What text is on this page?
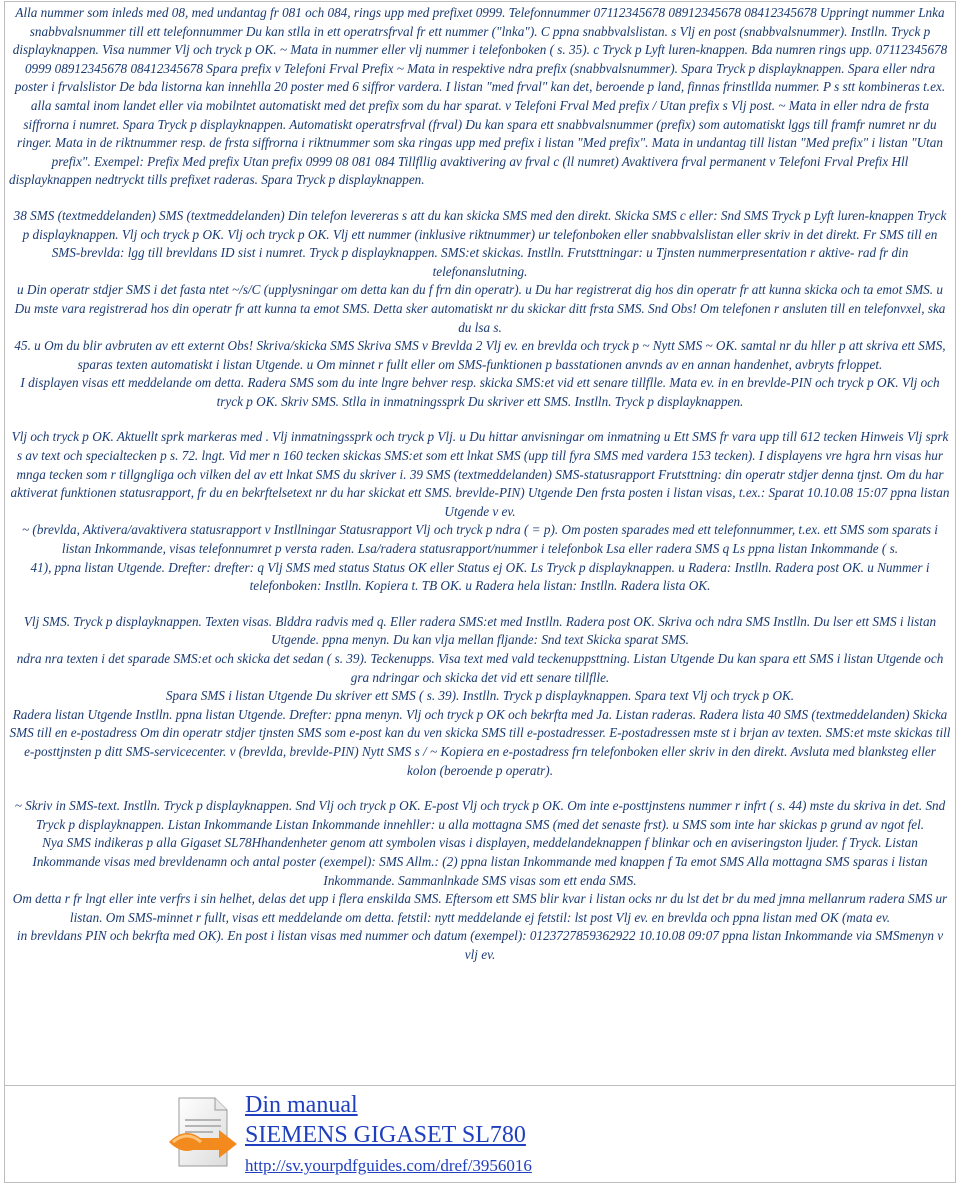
Alla nummer som inleds med 08, med undantag fr 081 och 084, rings upp med prefixet 0999. Telefonnummer 07112345678 08912345678 08412345678 Uppringt nummer Lnka snabbvalsnummer till ett telefonnummer Du kan stlla in ett operatrsfrval fr ett nummer ("lnka"). C ppna snabbvalslistan. s Vlj en post (snabbvalsnummer). Instlln. Tryck p displayknappen. Visa nummer Vlj och tryck p OK. ~ Mata in nummer eller vlj nummer i telefonboken ( s. 35). c Tryck p Lyft luren-knappen. Bda numren rings upp. 07112345678 0999 08912345678 08412345678 Spara prefix v Telefoni Frval Prefix ~ Mata in respektive ndra prefix (snabbvalsnummer). Spara Tryck p displayknappen. Spara eller ndra poster i frvalslistor De bda listorna kan innehlla 20 poster med 6 siffror vardera. I listan "med frval" kan det, beroende p land, finnas frinstllda nummer. P s stt kombineras t.ex. alla samtal inom landet eller via mobilntet automatiskt med det prefix som du har sparat. v Telefoni Frval Med prefix / Utan prefix s Vlj post. ~ Mata in eller ndra de frsta siffrorna i numret. Spara Tryck p displayknappen. Automatiskt operatrsfrval (frval) Du kan spara ett snabbvalsnummer (prefix) som automatiskt lggs till framfr numret nr du ringer. Mata in de riktnummer resp. de frsta siffrorna i riktnummer som ska ringas upp med prefix i listan "Med prefix". Mata in undantag till listan "Med prefix" i listan "Utan prefix". Exempel: Prefix Med prefix Utan prefix 0999 08 081 084 Tillfllig avaktivering av frval c (ll numret) Avaktivera frval permanent v Telefoni Frval Prefix Hll displayknappen nedtryckt tills prefixet raderas. Spara Tryck p displayknappen.

38 SMS (textmeddelanden) SMS (textmeddelanden) Din telefon levereras s att du kan skicka SMS med den direkt. Skicka SMS c eller: Snd SMS Tryck p Lyft luren-knappen Tryck p displayknappen. Vlj och tryck p OK. Vlj och tryck p OK. Vlj ett nummer (inklusive riktnummer) ur telefonboken eller snabbvalslistan eller skriv in det direkt. Fr SMS till en SMS-brevlda: lgg till brevldans ID sist i numret. Tryck p displayknappen. SMS:et skickas. Instlln. Frutsttningar: u Tjnsten nummerpresentation r aktive- rad fr din telefonanslutning.

u Din operatr stdjer SMS i det fasta ntet ~/s/C (upplysningar om detta kan du f frn din operatr). u Du har registrerat dig hos din operatr fr att kunna skicka och ta emot SMS. u Du mste vara registrerad hos din operatr fr att kunna ta emot SMS. Detta sker automatiskt nr du skickar ditt frsta SMS. Snd Obs! Om telefonen r ansluten till en telefonvxel, ska du lsa s.

45. u Om du blir avbruten av ett externt Obs! Skriva/skicka SMS Skriva SMS v Brevlda 2 Vlj ev. en brevlda och tryck p ~ Nytt SMS ~ OK. samtal nr du hller p att skriva ett SMS, sparas texten automatiskt i listan Utgende. u Om minnet r fullt eller om SMS-funktionen p basstationen anvnds av en annan handenhet, avbryts frloppet.

I displayen visas ett meddelande om detta. Radera SMS som du inte lngre behver resp. skicka SMS:et vid ett senare tillflle. Mata ev. in en brevlde-PIN och tryck p OK. Vlj och tryck p OK. Skriv SMS. Stlla in inmatningssprk Du skriver ett SMS. Instlln. Tryck p displayknappen.

Vlj och tryck p OK. Aktuellt sprk markeras med . Vlj inmatningssprk och tryck p Vlj. u Du hittar anvisningar om inmatning u Ett SMS fr vara upp till 612 tecken Hinweis Vlj sprk s av text och specialtecken p s. 72. lngt. Vid mer n 160 tecken skickas SMS:et som ett lnkat SMS (upp till fyra SMS med vardera 153 tecken). I displayens vre hgra hrn visas hur mnga tecken som r tillgngliga och vilken del av ett lnkat SMS du skriver i. 39 SMS (textmeddelanden) SMS-statusrapport Frutsttning: din operatr stdjer denna tjnst. Om du har aktiverat funktionen statusrapport, fr du en bekrftelsetext nr du har skickat ett SMS. brevlde-PIN) Utgende Den frsta posten i listan visas, t.ex.: Sparat 10.10.08 15:07 ppna listan Utgende v ev.

~ (brevlda, Aktivera/avaktivera statusrapport v Instllningar Statusrapport Vlj och tryck p ndra ( = p). Om posten sparades med ett telefonnummer, t.ex. ett SMS som sparats i listan Inkommande, visas telefonnumret p versta raden. Lsa/radera statusrapport/nummer i telefonbok Lsa eller radera SMS q Ls ppna listan Inkommande ( s.

41), ppna listan Utgende. Drefter: drefter: q Vlj SMS med status Status OK eller Status ej OK. Ls Tryck p displayknappen. u Radera: Instlln. Radera post OK. u Nummer i telefonboken: Instlln. Kopiera t. TB OK. u Radera hela listan: Instlln. Radera lista OK.

Vlj SMS. Tryck p displayknappen. Texten visas. Blddra radvis med q. Eller radera SMS:et med Instlln. Radera post OK. Skriva och ndra SMS Instlln. Du lser ett SMS i listan Utgende. ppna menyn. Du kan vlja mellan fljande: Snd text Skicka sparat SMS.

ndra nra texten i det sparade SMS:et och skicka det sedan ( s. 39). Teckenupps. Visa text med vald teckenuppsttning. Listan Utgende Du kan spara ett SMS i listan Utgende och gra ndringar och skicka det vid ett senare tillflle.

Spara SMS i listan Utgende Du skriver ett SMS ( s. 39). Instlln. Tryck p displayknappen. Spara text Vlj och tryck p OK.

Radera listan Utgende Instlln. ppna listan Utgende. Drefter: ppna menyn. Vlj och tryck p OK och bekrfta med Ja. Listan raderas. Radera lista 40 SMS (textmeddelanden) Skicka SMS till en e-postadress Om din operatr stdjer tjnsten SMS som e-post kan du ven skicka SMS till e-postadresser. E-postadressen mste st i brjan av texten. SMS:et mste skickas till e-posttjnsten p ditt SMS-servicecenter. v (brevlda, brevlde-PIN) Nytt SMS s / ~ Kopiera en e-postadress frn telefonboken eller skriv in den direkt. Avsluta med blanksteg eller kolon (beroende p operatr).

~ Skriv in SMS-text. Instlln. Tryck p displayknappen. Snd Vlj och tryck p OK. E-post Vlj och tryck p OK. Om inte e-posttjnstens nummer r infrt ( s. 44) mste du skriva in det. Snd Tryck p displayknappen. Listan Inkommande Listan Inkommande innehller: u alla mottagna SMS (med det senaste frst). u SMS som inte har skickas p grund av ngot fel.

Nya SMS indikeras p alla Gigaset SL78Hhandenheter genom att symbolen visas i displayen, meddelandeknappen f blinkar och en aviseringston ljuder. f Tryck. Listan Inkommande visas med brevldenamn och antal poster (exempel): SMS Allm.: (2) ppna listan Inkommande med knappen f Ta emot SMS Alla mottagna SMS sparas i listan Inkommande. Sammanlnkade SMS visas som ett enda SMS.

Om detta r fr lngt eller inte verfrs i sin helhet, delas det upp i flera enskilda SMS. Eftersom ett SMS blir kvar i listan ocks nr du lst det br du med jmna mellanrum radera SMS ur listan. Om SMS-minnet r fullt, visas ett meddelande om detta. fetstil: nytt meddelande ej fetstil: lst post Vlj ev. en brevlda och ppna listan med OK (mata ev.

in brevldans PIN och bekrfta med OK). En post i listan visas med nummer och datum (exempel): 0123727859362922 10.10.08 09:07 ppna listan Inkommande via SMSmenyn v vlj ev.

Din manual
SIEMENS GIGASET SL780
http://sv.yourpdfguides.com/dref/3956016
